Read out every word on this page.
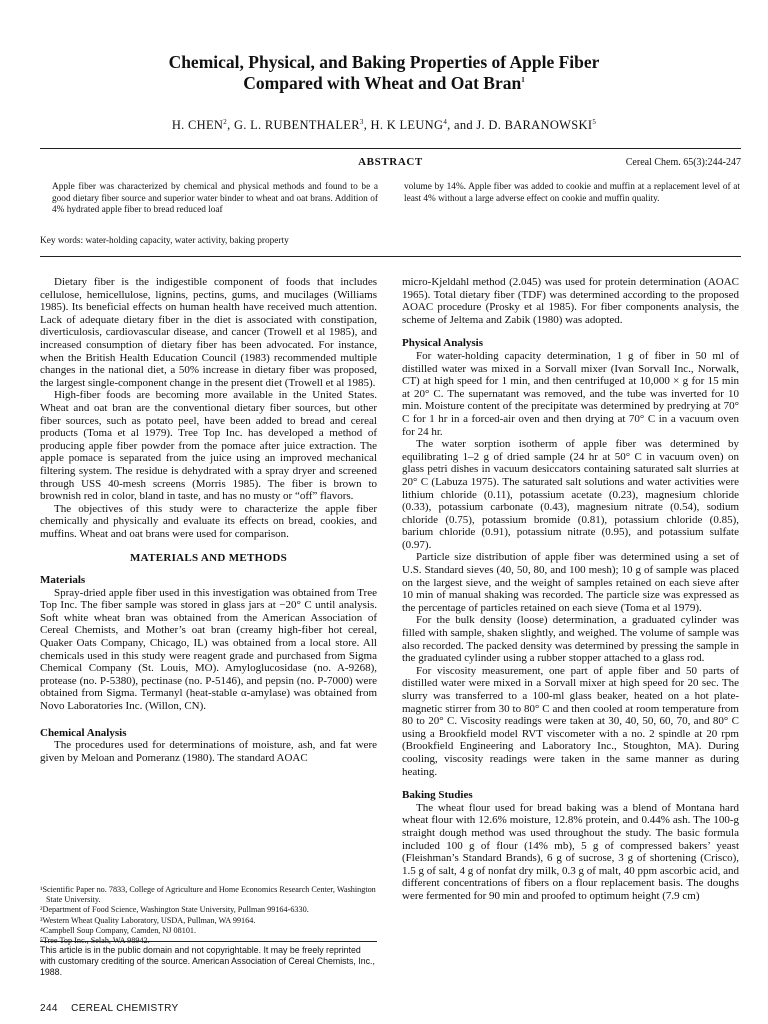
Chemical, Physical, and Baking Properties of Apple Fiber
Compared with Wheat and Oat Bran$^1$
H. CHEN$^2$, G. L. RUBENTHALER$^3$, H. K LEUNG$^4$, and J. D. BARANOWSKI$^5$
ABSTRACT	Cereal Chem. 65(3):244-247
Apple fiber was characterized by chemical and physical methods and found to be a good dietary fiber source and superior water binder to wheat and oat brans. Addition of 4% hydrated apple fiber to bread reduced loaf
volume by 14%. Apple fiber was added to cookie and muffin at a replacement level of at least 4% without a large adverse effect on cookie and muffin quality.
Key words: water-holding capacity, water activity, baking property

Dietary fiber is the indigestible component of foods that includes cellulose, hemicellulose, lignins, pectins, gums, and mucilages (Williams 1985). Its beneficial effects on human health have received much attention. Lack of adequate dietary fiber in the diet is associated with constipation, diverticulosis, cardiovascular disease, and cancer (Trowell et al 1985), and increased consumption of dietary fiber has been advocated. For instance, when the British Health Education Council (1983) recommended multiple changes in the national diet, a 50% increase in dietary fiber was proposed, the largest single-component change in the present diet (Trowell et al 1985).

High-fiber foods are becoming more available in the United States. Wheat and oat bran are the conventional dietary fiber sources, but other fiber sources, such as potato peel, have been added to bread and cereal products (Toma et al 1979). Tree Top Inc. has developed a method of producing apple fiber powder from the pomace after juice extraction. The apple pomace is separated from the juice using an improved mechanical filtering system. The residue is dehydrated with a spray dryer and screened through USS 40-mesh screens (Morris 1985). The fiber is brown to brownish red in color, bland in taste, and has no musty or “off” flavors.

The objectives of this study were to characterize the apple fiber chemically and physically and evaluate its effects on bread, cookies, and muffins. Wheat and oat brans were used for comparison.

MATERIALS AND METHODS
Materials

Spray-dried apple fiber used in this investigation was obtained from Tree Top Inc. The fiber sample was stored in glass jars at −20° C until analysis. Soft white wheat bran was obtained from the American Association of Cereal Chemists, and Mother’s oat bran (creamy high-fiber hot cereal, Quaker Oats Company, Chicago, IL) was obtained from a local store. All chemicals used in this study were reagent grade and purchased from Sigma Chemical Company (St. Louis, MO). Amyloglucosidase (no. A-9268), protease (no. P-5380), pectinase (no. P-5146), and pepsin (no. P-7000) were obtained from Sigma. Termanyl (heat-stable α-amylase) was obtained from Novo Laboratories Inc. (Willon, CN).

Chemical Analysis

The procedures used for determinations of moisture, ash, and fat were given by Meloan and Pomeranz (1980). The standard AOAC

¹Scientific Paper no. 7833, College of Agriculture and Home Economics Research Center, Washington State University.
²Department of Food Science, Washington State University, Pullman 99164-6330.
³Western Wheat Quality Laboratory, USDA, Pullman, WA 99164.
⁴Campbell Soup Company, Camden, NJ 08101.
⁵Tree Top Inc., Selah, WA 98942.
This article is in the public domain and not copyrightable. It may be freely reprinted with customary crediting of the source. American Association of Cereal Chemists, Inc., 1988.
244 CEREAL CHEMISTRY

micro-Kjeldahl method (2.045) was used for protein determination (AOAC 1965). Total dietary fiber (TDF) was determined according to the proposed AOAC procedure (Prosky et al 1985). For fiber components analysis, the scheme of Jeltema and Zabik (1980) was adopted.

Physical Analysis

For water-holding capacity determination, 1 g of fiber in 50 ml of distilled water was mixed in a Sorvall mixer (Ivan Sorvall Inc., Norwalk, CT) at high speed for 1 min, and then centrifuged at 10,000 × g for 15 min at 20° C. The supernatant was removed, and the tube was inverted for 10 min. Moisture content of the precipitate was determined by predrying at 70° C for 1 hr in a forced-air oven and then drying at 70° C in a vacuum oven for 24 hr.

The water sorption isotherm of apple fiber was determined by equilibrating 1–2 g of dried sample (24 hr at 50° C in vacuum oven) on glass petri dishes in vacuum desiccators containing saturated salt slurries at 20° C (Labuza 1975). The saturated salt solutions and water activities were lithium chloride (0.11), potassium acetate (0.23), magnesium chloride (0.33), potassium carbonate (0.43), magnesium nitrate (0.54), sodium chloride (0.75), potassium bromide (0.81), potassium chloride (0.85), barium chloride (0.91), potassium nitrate (0.95), and potassium sulfate (0.97).

Particle size distribution of apple fiber was determined using a set of U.S. Standard sieves (40, 50, 80, and 100 mesh); 10 g of sample was placed on the largest sieve, and the weight of samples retained on each sieve after 10 min of manual shaking was recorded. The particle size was expressed as the percentage of particles retained on each sieve (Toma et al 1979).

For the bulk density (loose) determination, a graduated cylinder was filled with sample, shaken slightly, and weighed. The volume of sample was also recorded. The packed density was determined by pressing the sample in the graduated cylinder using a rubber stopper attached to a glass rod.

For viscosity measurement, one part of apple fiber and 50 parts of distilled water were mixed in a Sorvall mixer at high speed for 20 sec. The slurry was transferred to a 100-ml glass beaker, heated on a hot plate-magnetic stirrer from 30 to 80° C and then cooled at room temperature from 80 to 20° C. Viscosity readings were taken at 30, 40, 50, 60, 70, and 80° C using a Brookfield model RVT viscometer with a no. 2 spindle at 20 rpm (Brookfield Engineering and Laboratory Inc., Stoughton, MA). During cooling, viscosity readings were taken in the same manner as during heating.

Baking Studies

The wheat flour used for bread baking was a blend of Montana hard wheat flour with 12.6% moisture, 12.8% protein, and 0.44% ash. The 100-g straight dough method was used throughout the study. The basic formula included 100 g of flour (14% mb), 5 g of compressed bakers’ yeast (Fleishman’s Standard Brands), 6 g of sucrose, 3 g of shortening (Crisco), 1.5 g of salt, 4 g of nonfat dry milk, 0.3 g of malt, 40 ppm ascorbic acid, and different concentrations of fibers on a flour replacement basis. The doughs were fermented for 90 min and proofed to optimum height (7.9 cm)
